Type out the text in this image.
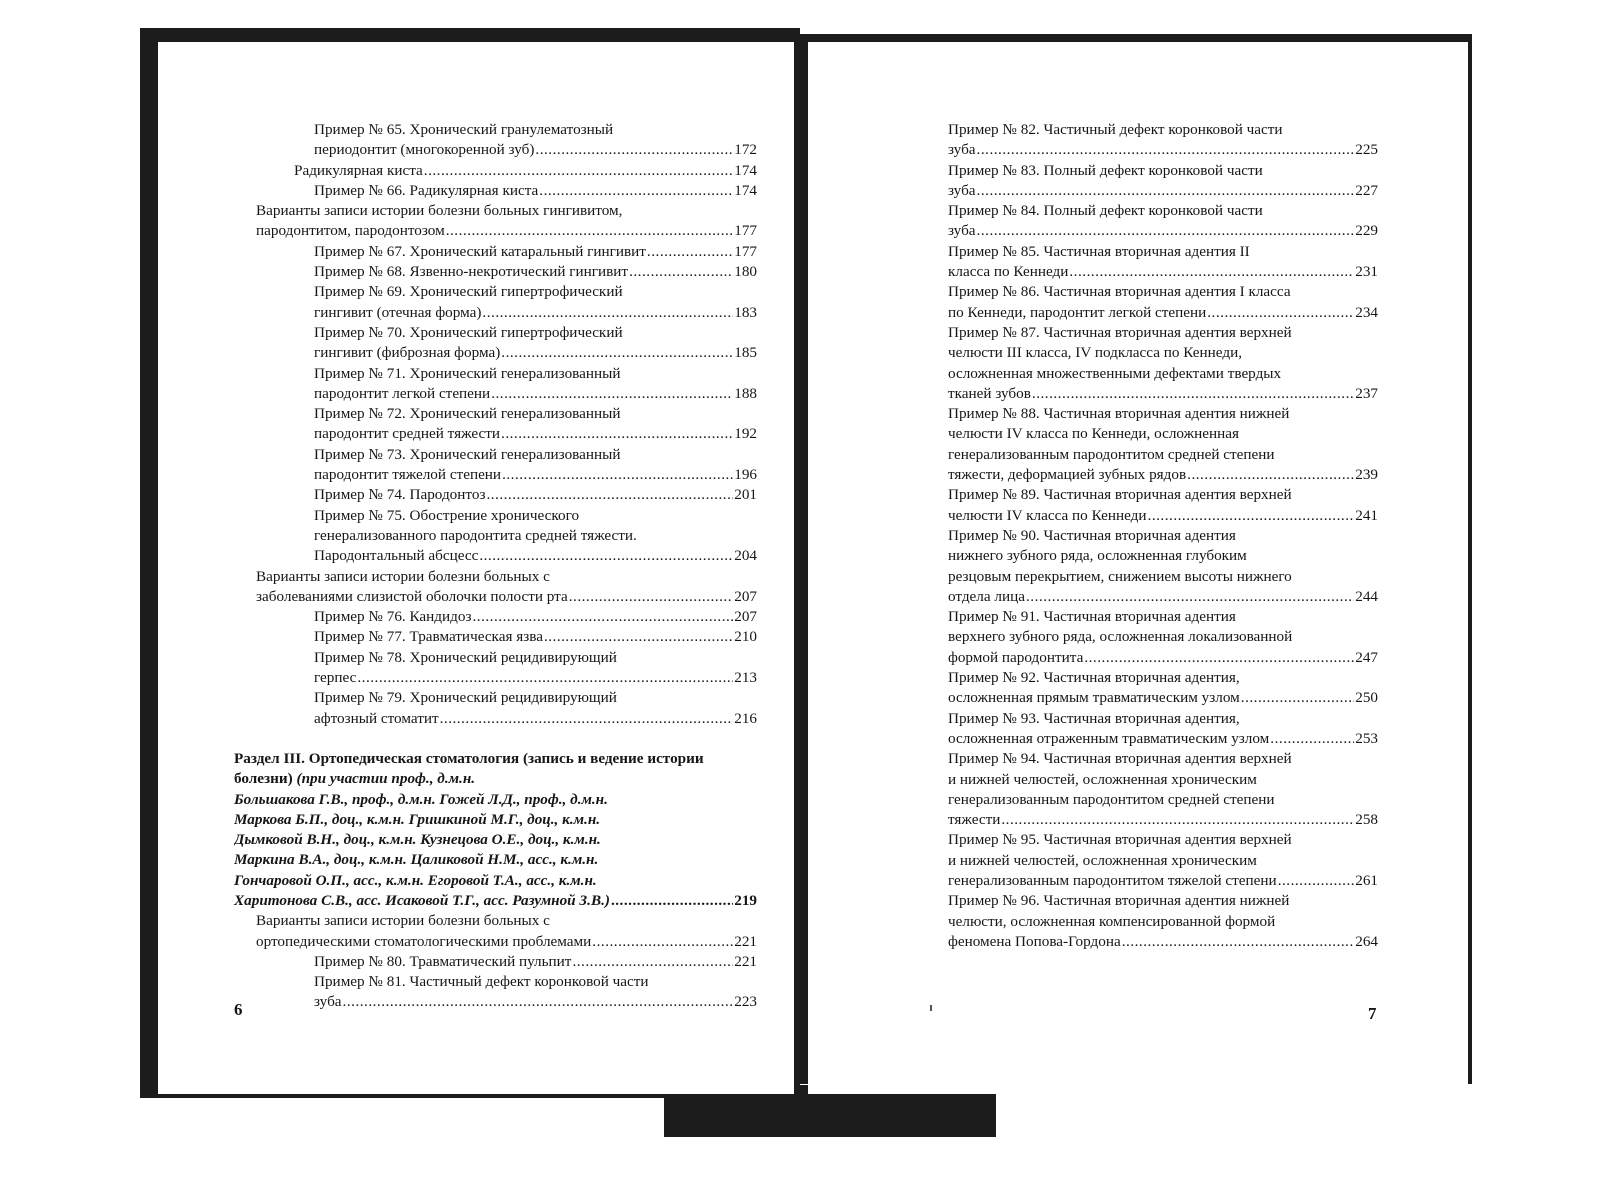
Пример № 65. Хронический гранулематозный
периодонтит (многокоренной зуб) .....	172
Радикулярная киста .....	174
Пример № 66. Радикулярная киста .....	174
Варианты записи истории болезни больных гингивитом,
пародонтитом, пародонтозом .....	177
Пример № 67. Хронический катаральный гингивит .....	177
Пример № 68. Язвенно-некротический гингивит .....	180
Пример № 69. Хронический гипертрофический
гингивит (отечная форма) .....	183
Пример № 70. Хронический гипертрофический
гингивит (фиброзная форма) .....	185
Пример № 71. Хронический генерализованный
пародонтит легкой степени .....	188
Пример № 72. Хронический генерализованный
пародонтит средней тяжести .....	192
Пример № 73. Хронический генерализованный
пародонтит тяжелой степени .....	196
Пример № 74. Пародонтоз .....	201
Пример № 75. Обострение хронического
генерализованного пародонтита средней тяжести.
Пародонтальный абсцесс .....	204
Варианты записи истории болезни больных с
заболеваниями слизистой оболочки полости рта .....	207
Пример № 76. Кандидоз .....	207
Пример № 77. Травматическая язва .....	210
Пример № 78. Хронический рецидивирующий
герпес .....	213
Пример № 79. Хронический рецидивирующий
афтозный стоматит .....	216
Раздел III. Ортопедическая стоматология (запись и ведение истории болезни) (при участии проф., д.м.н.
Большакова Г.В., проф., д.м.н. Гожей Л.Д., проф., д.м.н.
Маркова Б.П., доц., к.м.н. Гришкиной М.Г., доц., к.м.н.
Дымковой В.Н., доц., к.м.н. Кузнецова О.Е., доц., к.м.н.
Маркина В.А., доц., к.м.н. Цаликовой Н.М., асс., к.м.н.
Гончаровой О.П., асс., к.м.н. Егоровой Т.А., асс., к.м.н.
Харитонова С.В., асс. Исаковой Т.Г., асс. Разумной З.В.) .....	219
Варианты записи истории болезни больных с
ортопедическими стоматологическими проблемами .....	221
Пример № 80. Травматический пульпит .....	221
Пример № 81. Частичный дефект коронковой части
зуба .....	223
6
Пример № 82. Частичный дефект коронковой части
зуба .....	225
Пример № 83. Полный дефект коронковой части
зуба .....	227
Пример № 84. Полный дефект коронковой части
зуба .....	229
Пример № 85. Частичная вторичная адентия II
класса по Кеннеди .....	231
Пример № 86. Частичная вторичная адентия I класса
по Кеннеди, пародонтит легкой степени .....	234
Пример № 87. Частичная вторичная адентия верхней
челюсти III класса, IV подкласса по Кеннеди,
осложненная множественными дефектами твердых
тканей зубов .....	237
Пример № 88. Частичная вторичная адентия нижней
челюсти IV класса по Кеннеди, осложненная
генерализованным пародонтитом средней степени
тяжести, деформацией зубных рядов .....	239
Пример № 89. Частичная вторичная адентия верхней
челюсти IV класса по Кеннеди .....	241
Пример № 90. Частичная вторичная адентия
нижнего зубного ряда, осложненная глубоким
резцовым перекрытием, снижением высоты нижнего
отдела лица .....	244
Пример № 91. Частичная вторичная адентия
верхнего зубного ряда, осложненная локализованной
формой пародонтита .....	247
Пример № 92. Частичная вторичная адентия,
осложненная прямым травматическим узлом .....	250
Пример № 93. Частичная вторичная адентия,
осложненная отраженным травматическим узлом .....	253
Пример № 94. Частичная вторичная адентия верхней
и нижней челюстей, осложненная хроническим
генерализованным пародонтитом средней степени
тяжести .....	258
Пример № 95. Частичная вторичная адентия верхней
и нижней челюстей, осложненная хроническим
генерализованным пародонтитом тяжелой степени .....	261
Пример № 96. Частичная вторичная адентия нижней
челюсти, осложненная компенсированной формой
феномена Попова-Гордона .....	264
7
